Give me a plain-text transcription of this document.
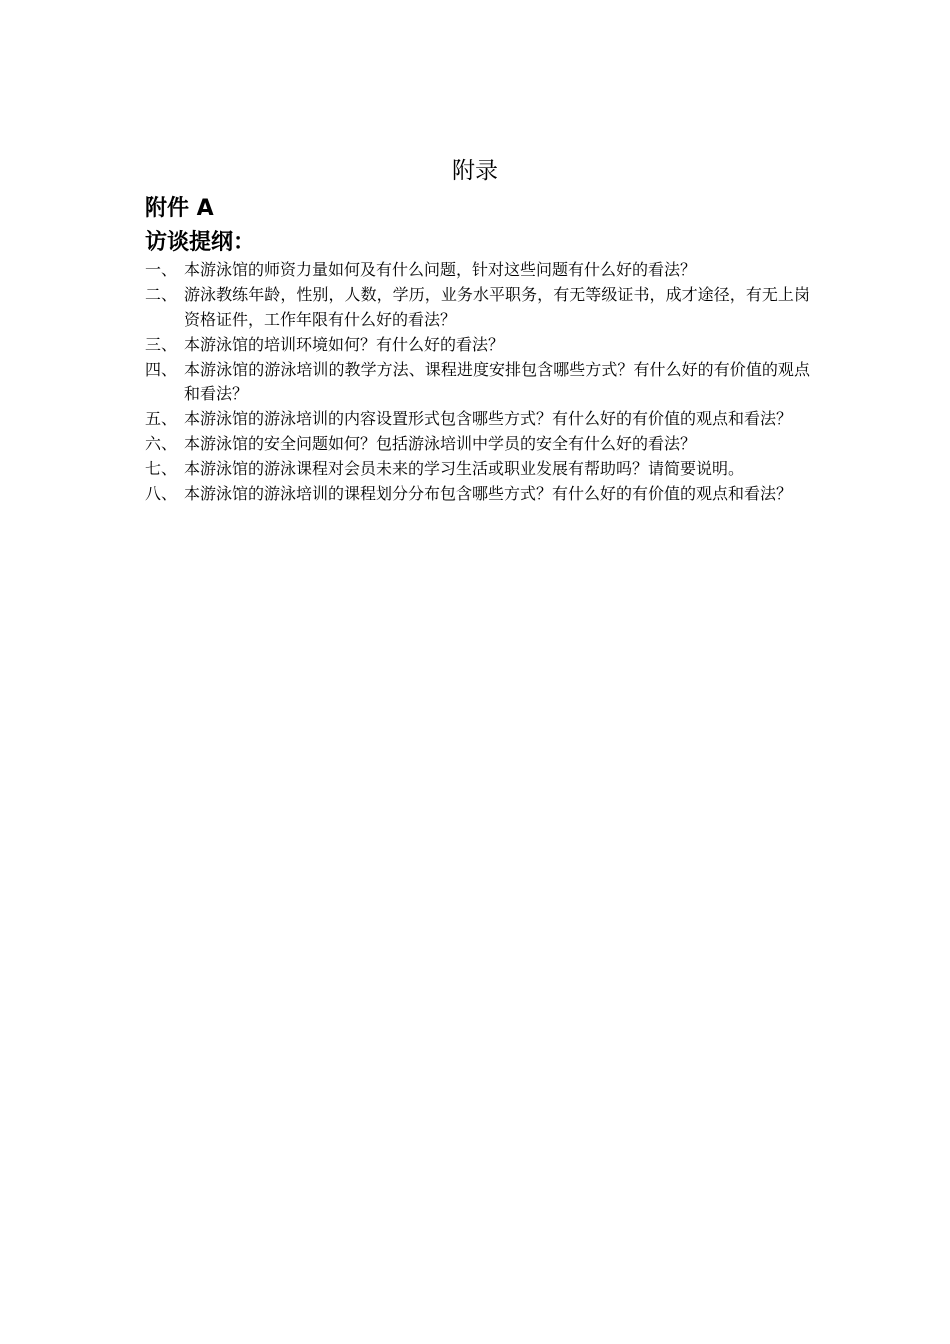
附录
附件 A
访谈提纲：
一、 本游泳馆的师资力量如何及有什么问题，针对这些问题有什么好的看法？
二、 游泳教练年龄，性别，人数，学历，业务水平职务，有无等级证书，成才途径，有无上岗资格证件，工作年限有什么好的看法？
三、 本游泳馆的培训环境如何？有什么好的看法？
四、 本游泳馆的游泳培训的教学方法、课程进度安排包含哪些方式？有什么好的有价值的观点和看法？
五、 本游泳馆的游泳培训的内容设置形式包含哪些方式？有什么好的有价值的观点和看法？
六、 本游泳馆的安全问题如何？包括游泳培训中学员的安全有什么好的看法？
七、 本游泳馆的游泳课程对会员未来的学习生活或职业发展有帮助吗？请简要说明。
八、 本游泳馆的游泳培训的课程划分分布包含哪些方式？有什么好的有价值的观点和看法？
